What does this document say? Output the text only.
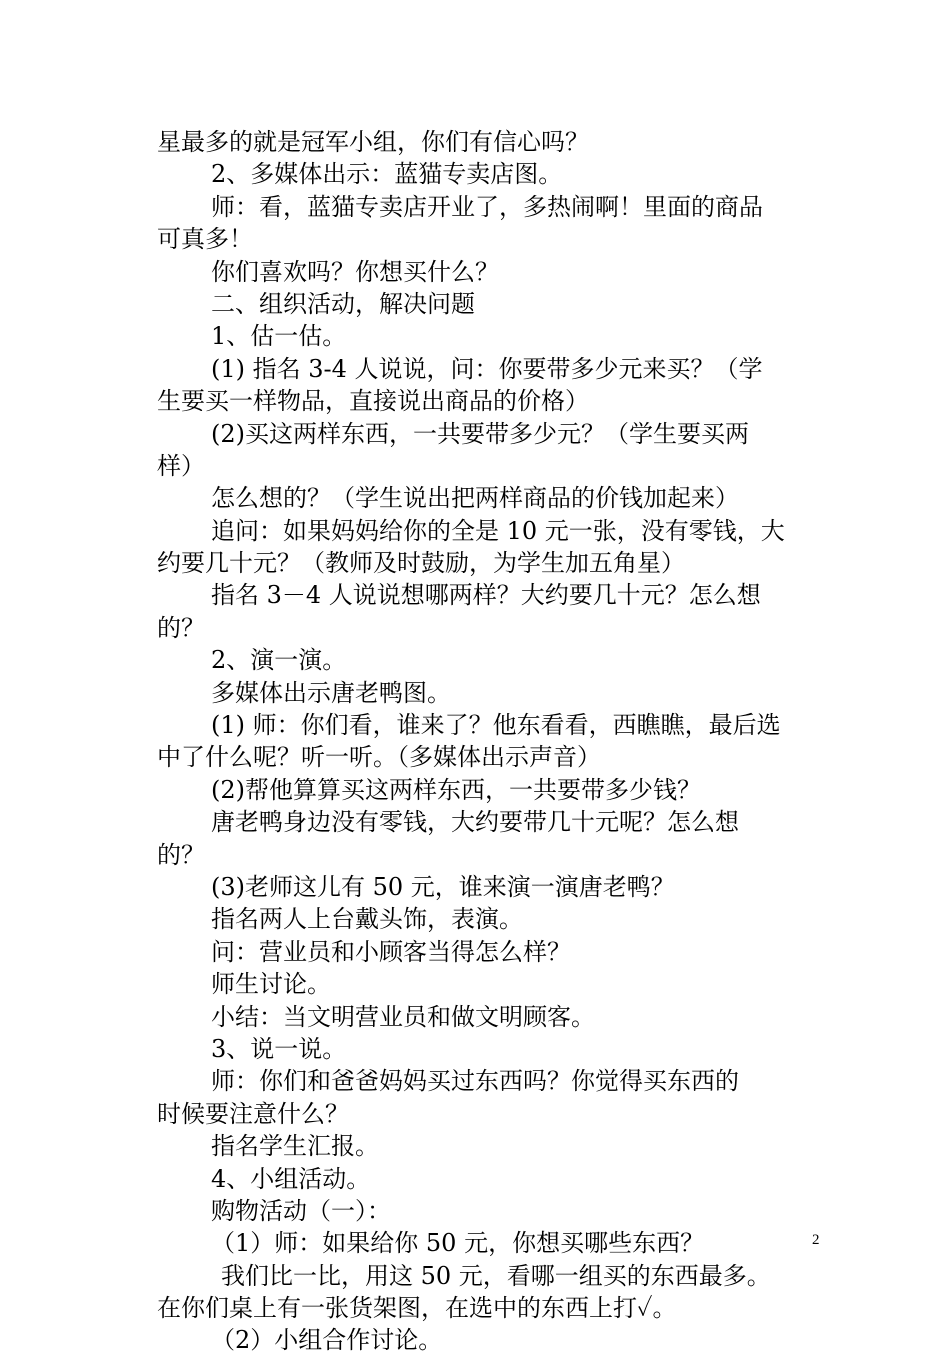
星最多的就是冠军小组，你们有信心吗？
2、多媒体出示：蓝猫专卖店图。
师：看，蓝猫专卖店开业了，多热闹啊！里面的商品
可真多！
你们喜欢吗？你想买什么？
二、组织活动，解决问题
1、估一估。
(1) 指名 3-4 人说说，问：你要带多少元来买？（学
生要买一样物品，直接说出商品的价格）
(2)买这两样东西，一共要带多少元？（学生要买两
样）
怎么想的？（学生说出把两样商品的价钱加起来）
追问：如果妈妈给你的全是 10 元一张，没有零钱，大
约要几十元？（教师及时鼓励，为学生加五角星）
指名 3－4 人说说想哪两样？大约要几十元？怎么想
的？
2、演一演。
多媒体出示唐老鸭图。
(1) 师：你们看，谁来了？他东看看，西瞧瞧，最后选
中了什么呢？听一听。（多媒体出示声音）
(2)帮他算算买这两样东西，一共要带多少钱？
唐老鸭身边没有零钱，大约要带几十元呢？怎么想
的？
(3)老师这儿有 50 元，谁来演一演唐老鸭？
指名两人上台戴头饰，表演。
问：营业员和小顾客当得怎么样？
师生讨论。
小结：当文明营业员和做文明顾客。
3、说一说。
师：你们和爸爸妈妈买过东西吗？你觉得买东西的
时候要注意什么？
指名学生汇报。
4、小组活动。
购物活动（一）：
（1）师：如果给你 50 元，你想买哪些东西？
我们比一比，用这 50 元，看哪一组买的东西最多。
在你们桌上有一张货架图，在选中的东西上打✓。
（2）小组合作讨论。
2
